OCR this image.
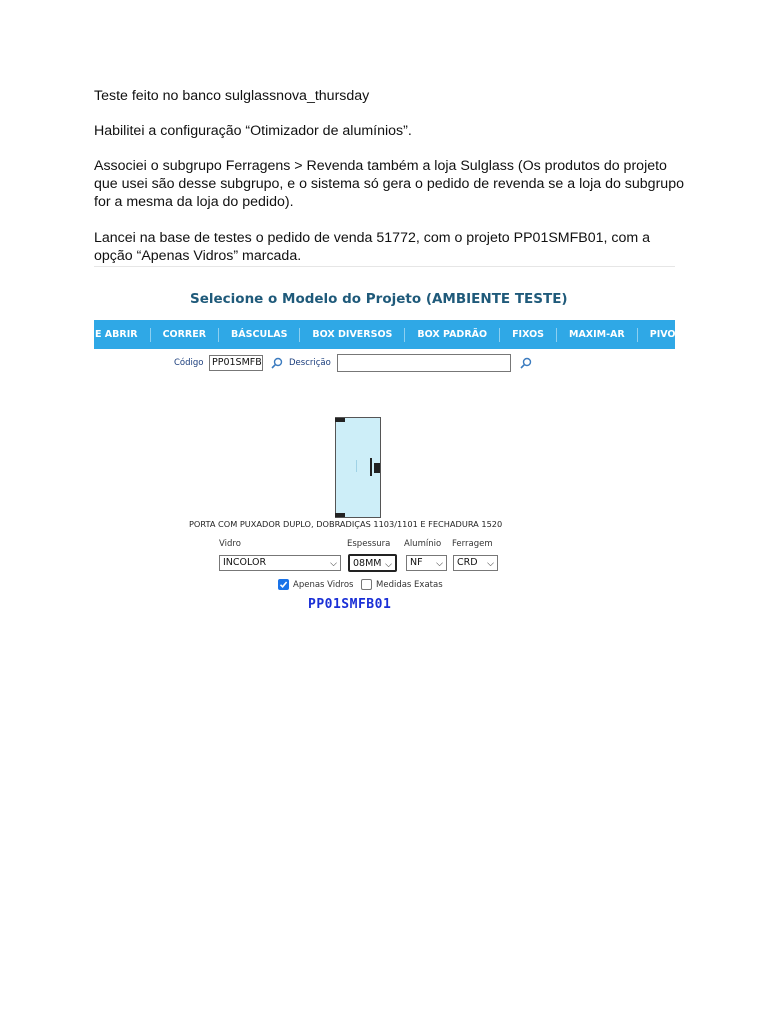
Teste feito no banco sulglassnova_thursday

Habilitei a configuração “Otimizador de alumínios”.

Associei o subgrupo Ferragens > Revenda também a loja Sulglass (Os produtos do projeto que usei são desse subgrupo, e o sistema só gera o pedido de revenda se a loja do subgrupo for a mesma da loja do pedido).

Lancei na base de testes o pedido de venda 51772, com o projeto PP01SMFB01, com a opção “Apenas Vidros” marcada.

Selecione o Modelo do Projeto (AMBIENTE TESTE)
E ABRIR	CORRER	BÁSCULAS	BOX DIVERSOS	BOX PADRÃO	FIXOS	MAXIM-AR	PIVOTANTES
Código PP01SMFB	Descrição
PORTA COM PUXADOR DUPLO, DOBRADIÇAS 1103/1101 E FECHADURA 1520
Vidro	Espessura Alumínio Ferragem
INCOLOR	⌵ 08MM ⌵ NF ⌵ CRD ⌵
Apenas Vidros	Medidas Exatas
PP01SMFB01
